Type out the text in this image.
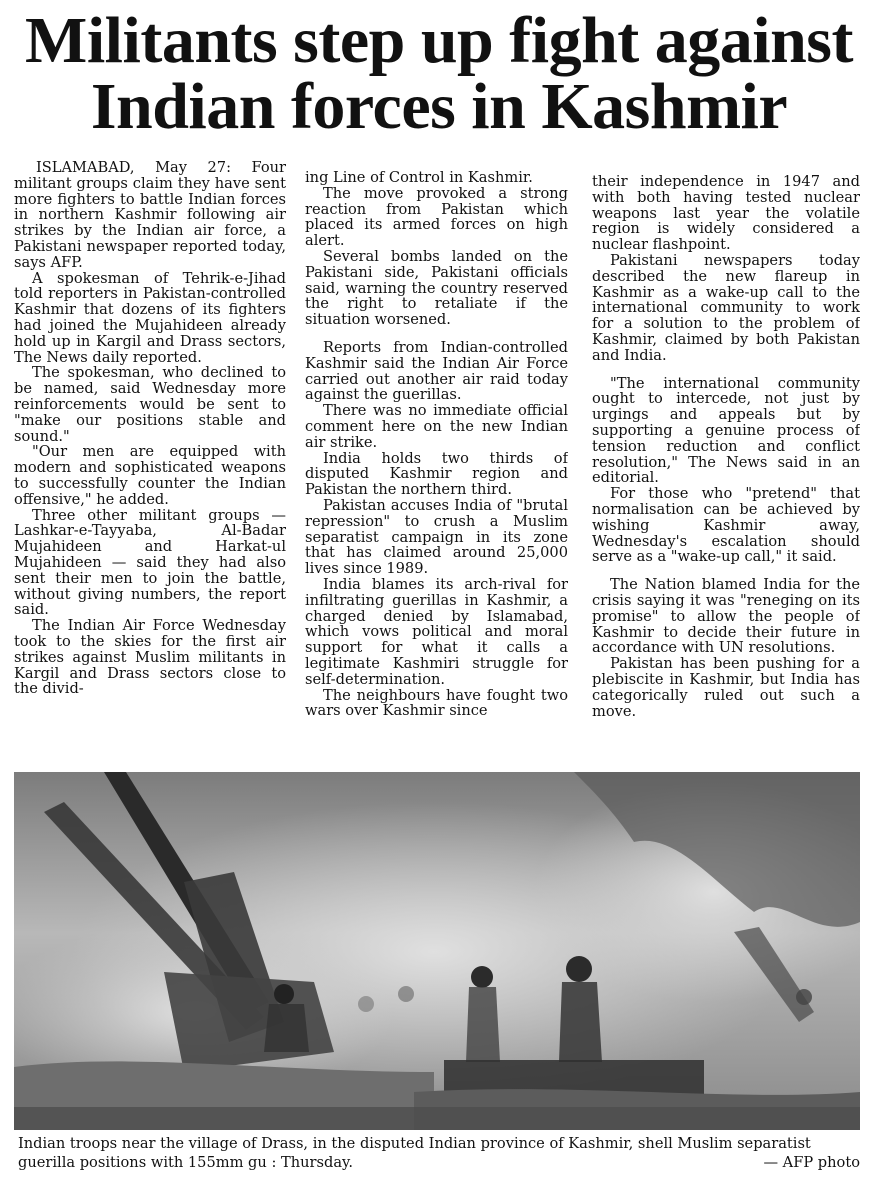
Militants step up fight against
Indian forces in Kashmir

ISLAMABAD, May 27: Four militant groups claim they have sent more fighters to battle Indian forces in northern Kashmir following air strikes by the Indian air force, a Pakistani newspaper reported today, says AFP.

A spokesman of Tehrik-e-Jihad told reporters in Pakistan-controlled Kashmir that dozens of its fighters had joined the Mujahideen already hold up in Kargil and Drass sectors, The News daily reported.

The spokesman, who declined to be named, said Wednesday more reinforcements would be sent to "make our positions stable and sound."

"Our men are equipped with modern and sophisticated weapons to successfully counter the Indian offensive," he added.

Three other militant groups — Lashkar-e-Tayyaba, Al-Badar Mujahideen and Harkat-ul Mujahideen — said they had also sent their men to join the battle, without giving numbers, the report said.

The Indian Air Force Wednesday took to the skies for the first air strikes against Muslim militants in Kargil and Drass sectors close to the divid-

ing Line of Control in Kashmir.

The move provoked a strong reaction from Pakistan which placed its armed forces on high alert.

Several bombs landed on the Pakistani side, Pakistani officials said, warning the country reserved the right to retaliate if the situation worsened.

Reports from Indian-controlled Kashmir said the Indian Air Force carried out another air raid today against the guerillas.

There was no immediate official comment here on the new Indian air strike.

India holds two thirds of disputed Kashmir region and Pakistan the northern third.

Pakistan accuses India of "brutal repression" to crush a Muslim separatist campaign in its zone that has claimed around 25,000 lives since 1989.

India blames its arch-rival for infiltrating guerillas in Kashmir, a charged denied by Islamabad, which vows political and moral support for what it calls a legitimate Kashmiri struggle for self-determination.

The neighbours have fought two wars over Kashmir since

their independence in 1947 and with both having tested nuclear weapons last year the volatile region is widely considered a nuclear flashpoint.

Pakistani newspapers today described the new flareup in Kashmir as a wake-up call to the international community to work for a solution to the problem of Kashmir, claimed by both Pakistan and India.

"The international community ought to intercede, not just by urgings and appeals but by supporting a genuine process of tension reduction and conflict resolution," The News said in an editorial.

For those who "pretend" that normalisation can be achieved by wishing Kashmir away, Wednesday's escalation should serve as a "wake-up call," it said.

The Nation blamed India for the crisis saying it was "reneging on its promise" to allow the people of Kashmir to decide their future in accordance with UN resolutions.

Pakistan has been pushing for a plebiscite in Kashmir, but India has categorically ruled out such a move.

Indian troops near the village of Drass, in the disputed Indian province of Kashmir, shell Muslim separatist guerilla positions with 155mm gu : Thursday.	— AFP photo
